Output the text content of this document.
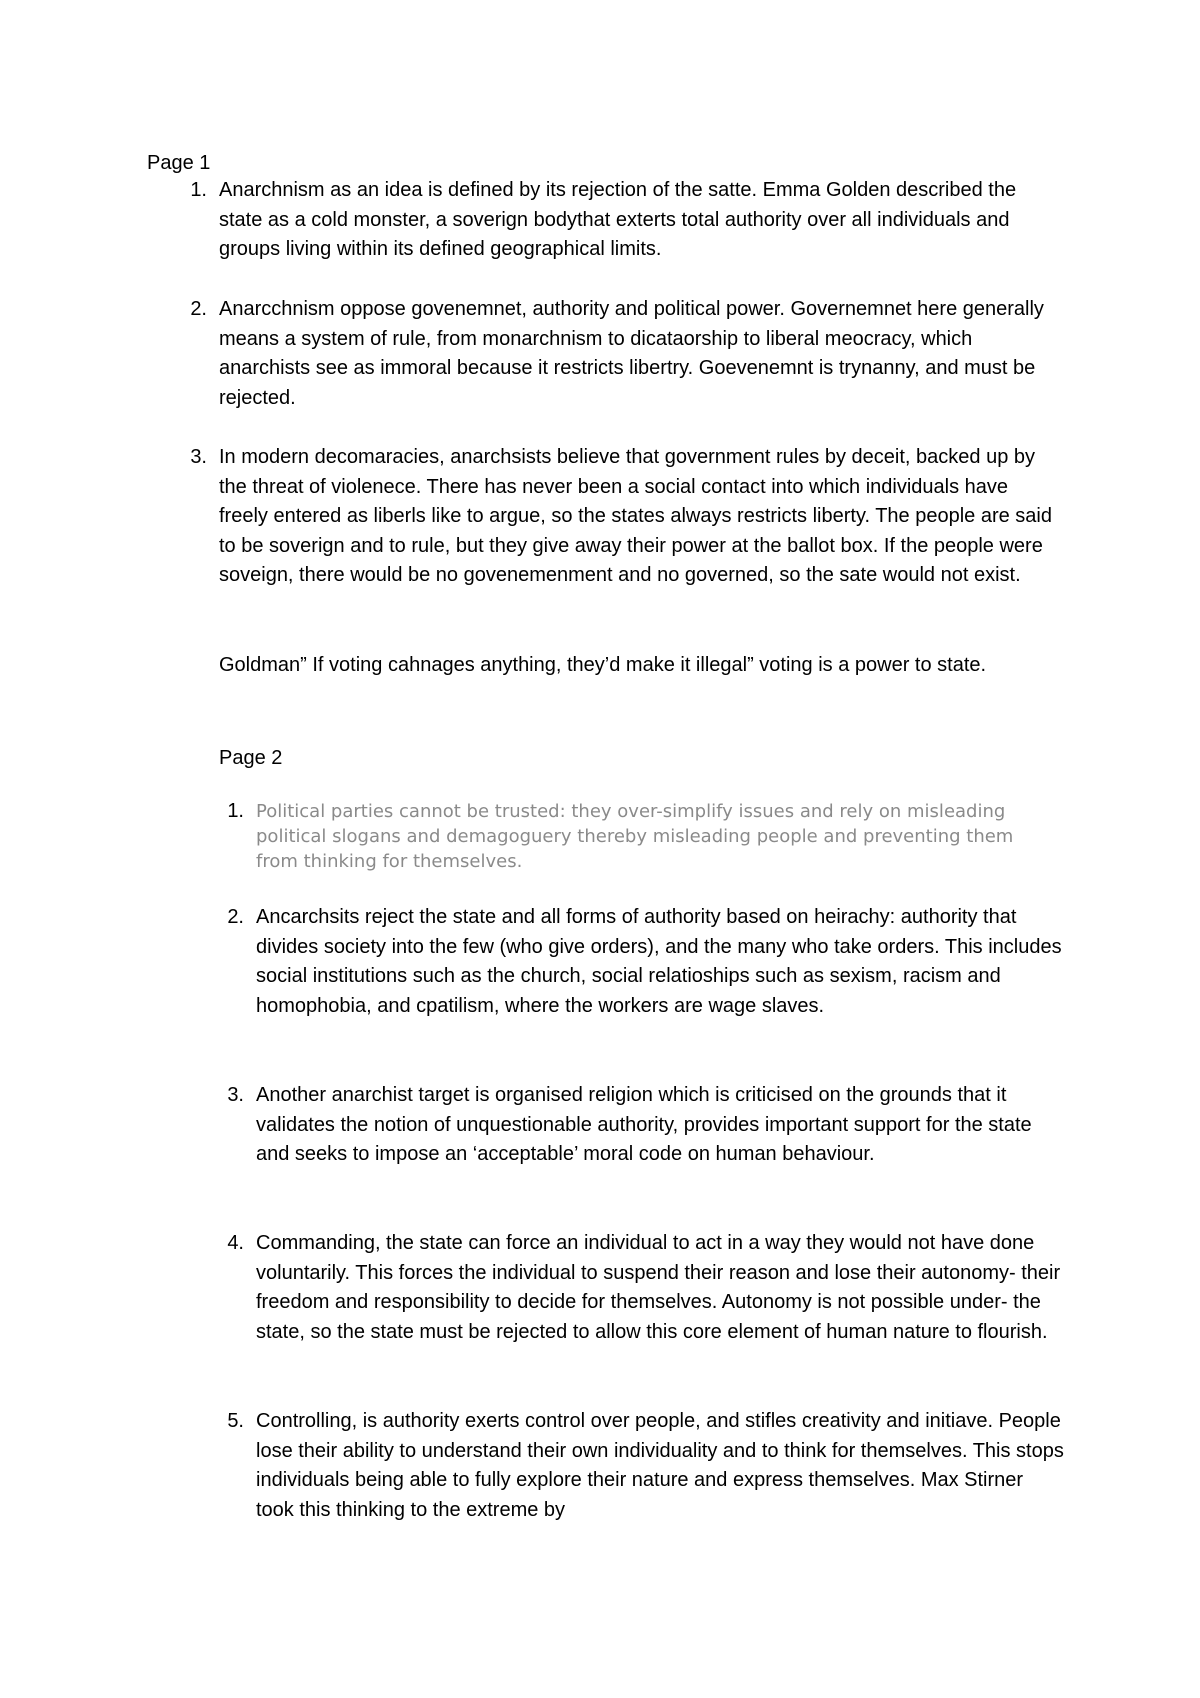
Page 1
1. Anarchnism as an idea is defined by its rejection of the satte. Emma Golden described the state as a cold monster, a soverign bodythat exterts total authority over all individuals and groups living within its defined geographical limits.
2. Anarcchnism oppose govenemnet, authority and political power. Governemnet here generally means a system of rule, from monarchnism to dicataorship to liberal meocracy, which anarchists see as immoral because it restricts libertry. Goevenemnt is trynanny, and must be rejected.
3. In modern decomaracies, anarchsists believe that government rules by deceit, backed up by the threat of violenece. There has never been a social contact into which individuals have freely entered as liberls like to argue, so the states always restricts liberty. The people are said to be soverign and to rule, but they give away their power at the ballot box. If the people were soveign, there would be no govenemenment and no governed, so the sate would not exist.
Goldman” If voting cahnages anything, they’d make it illegal” voting is a power to state.
Page 2
1. Political parties cannot be trusted: they over-simplify issues and rely on misleading political slogans and demagoguery thereby misleading people and preventing them from thinking for themselves.
2. Ancarchsits reject the state and all forms of authority based on heirachy: authority that divides society into the few (who give orders), and the many who take orders. This includes social institutions such as the church, social relatioships such as sexism, racism and homophobia, and cpatilism, where the workers are wage slaves.
3. Another anarchist target is organised religion which is criticised on the grounds that it validates the notion of unquestionable authority, provides important support for the state and seeks to impose an ‘acceptable’ moral code on human behaviour.
4. Commanding, the state can force an individual to act in a way they would not have done voluntarily. This forces the individual to suspend their reason and lose their autonomy- their freedom and responsibility to decide for themselves. Autonomy is not possible under- the state, so the state must be rejected to allow this core element of human nature to flourish.
5. Controlling, is authority exerts control over people, and stifles creativity and initiave. People lose their ability to understand their own individuality and to think for themselves. This stops individuals being able to fully explore their nature and express themselves. Max Stirner took this thinking to the extreme by
